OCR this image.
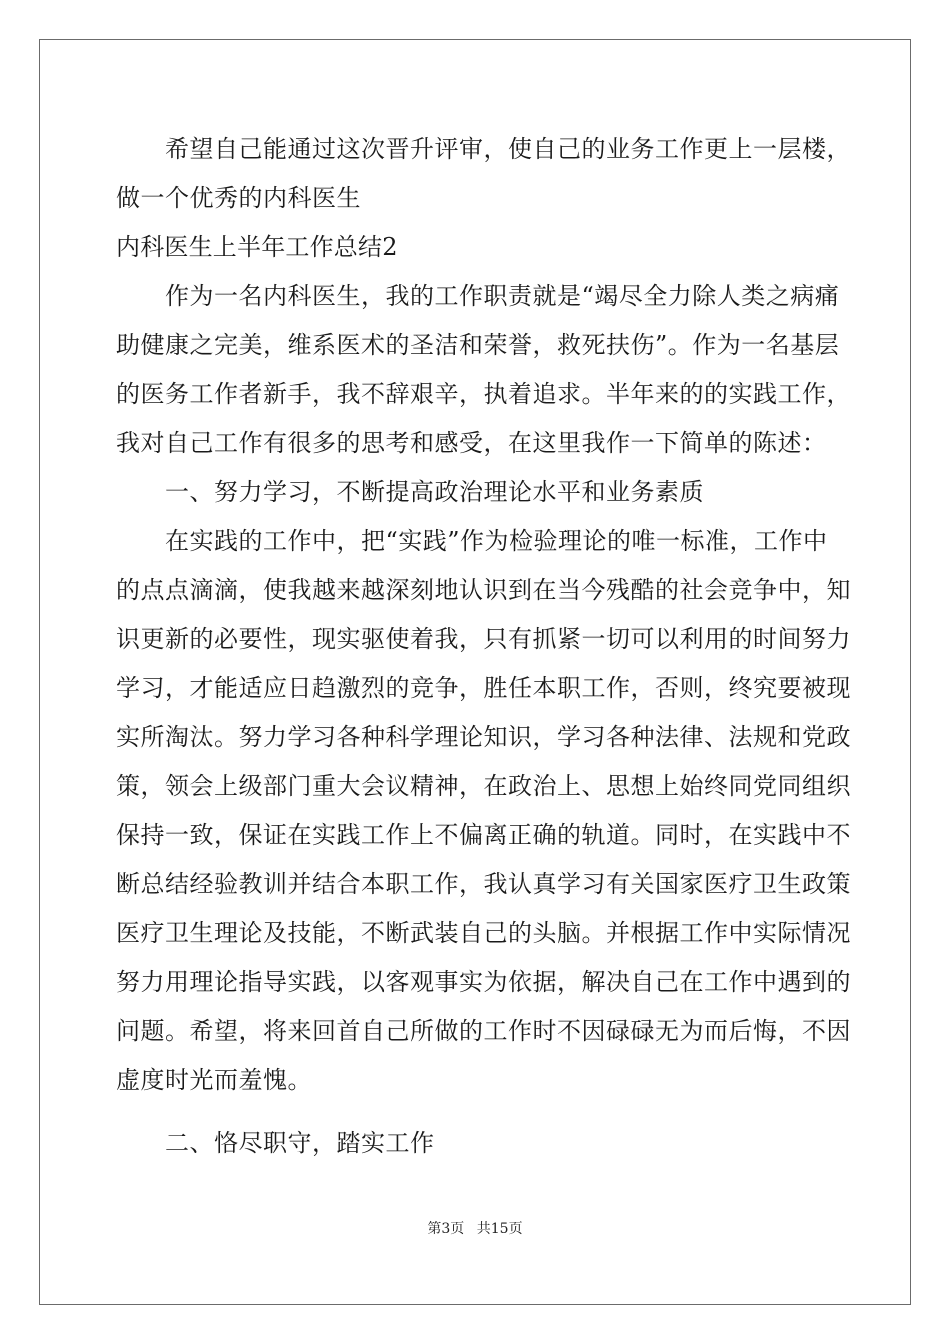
　　希望自己能通过这次晋升评审，使自己的业务工作更上一层楼，
做一个优秀的内科医生
内科医生上半年工作总结2
　　作为一名内科医生，我的工作职责就是“竭尽全力除人类之病痛
助健康之完美，维系医术的圣洁和荣誉，救死扶伤”。作为一名基层
的医务工作者新手，我不辞艰辛，执着追求。半年来的的实践工作，
我对自己工作有很多的思考和感受，在这里我作一下简单的陈述：
　　一、努力学习，不断提高政治理论水平和业务素质
　　在实践的工作中，把“实践”作为检验理论的唯一标准，工作中
的点点滴滴，使我越来越深刻地认识到在当今残酷的社会竞争中，知
识更新的必要性，现实驱使着我，只有抓紧一切可以利用的时间努力
学习，才能适应日趋激烈的竞争，胜任本职工作，否则，终究要被现
实所淘汰。努力学习各种科学理论知识，学习各种法律、法规和党政
策，领会上级部门重大会议精神，在政治上、思想上始终同党同组织
保持一致，保证在实践工作上不偏离正确的轨道。同时，在实践中不
断总结经验教训并结合本职工作，我认真学习有关国家医疗卫生政策
医疗卫生理论及技能，不断武装自己的头脑。并根据工作中实际情况
努力用理论指导实践，以客观事实为依据，解决自己在工作中遇到的
问题。希望，将来回首自己所做的工作时不因碌碌无为而后悔，不因
虚度时光而羞愧。
　　二、恪尽职守，踏实工作
第3页 共15页
